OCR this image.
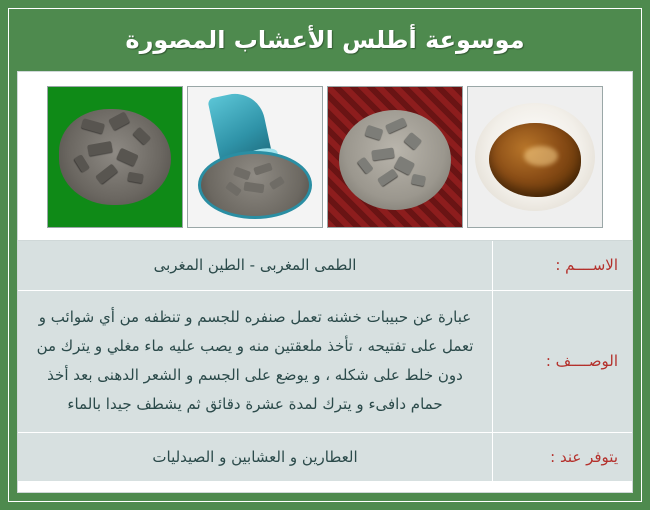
موسوعة أطلس الأعشاب المصورة
الاســــم :
الطمى المغربى - الطين المغربى
الوصــــف :
عبارة عن حبيبات خشنه تعمل صنفره للجسم و تنظفه من أي شوائب و تعمل على تفتيحه ، تأخذ ملعقتين منه و يصب عليه ماء مغلي و يترك من دون خلط على شكله ، و يوضع على الجسم و الشعر الدهنى بعد أخذ حمام دافىء و يترك لمدة عشرة دقائق ثم يشطف جيدا بالماء
يتوفر عند :
العطارين و العشابين و الصيدليات
